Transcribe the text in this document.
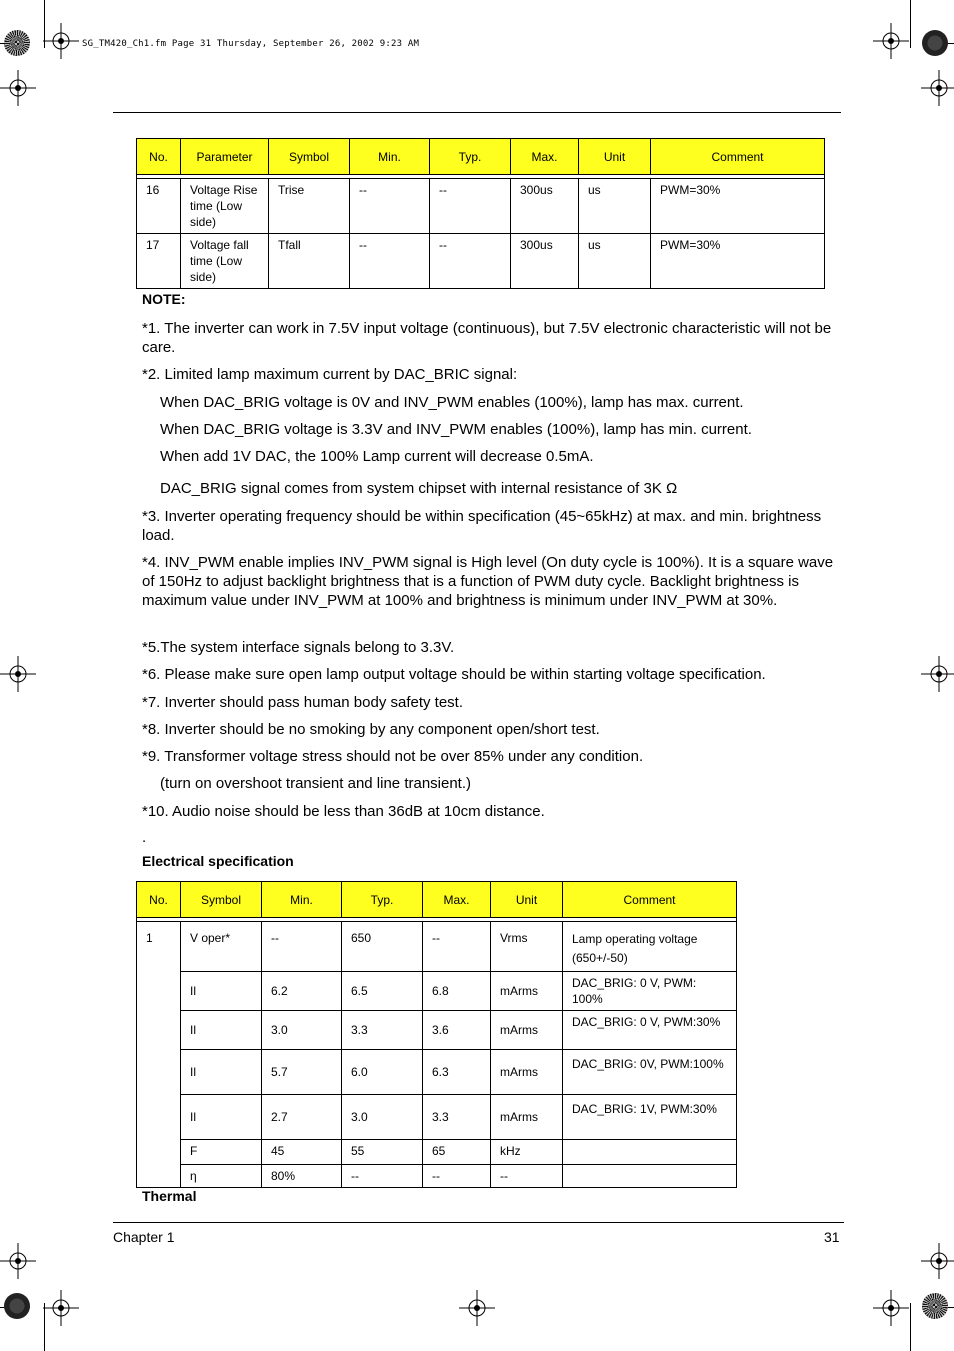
SG_TM420_Ch1.fm Page 31 Thursday, September 26, 2002 9:23 AM
No.	Parameter	Symbol	Min.	Typ.	Max.	Unit	Comment

16	Voltage Rise time (Low side)	Trise	--	--	300us	us	PWM=30%
17	Voltage fall time (Low side)	Tfall	--	--	300us	us	PWM=30%
NOTE:
*1. The inverter can work in 7.5V input voltage (continuous), but 7.5V electronic characteristic will not be care.
*2. Limited lamp maximum current by DAC_BRIC signal:
When DAC_BRIG voltage is 0V and INV_PWM enables (100%), lamp has max. current.
When DAC_BRIG voltage is 3.3V and INV_PWM enables (100%), lamp has min. current.
When add 1V DAC, the 100% Lamp current will decrease 0.5mA.
DAC_BRIG signal comes from system chipset with internal resistance of 3K Ω
*3. Inverter operating frequency should be within specification (45~65kHz) at max. and min. brightness load.
*4. INV_PWM enable implies INV_PWM signal is High level (On duty cycle is 100%). It is a square wave of 150Hz to adjust backlight brightness that is a function of PWM duty cycle. Backlight brightness is maximum value under INV_PWM at 100% and brightness is minimum under INV_PWM at 30%.
*5.The system interface signals belong to 3.3V.
*6. Please make sure open lamp output voltage should be within starting voltage specification.
*7. Inverter should pass human body safety test.
*8. Inverter should be no smoking by any component open/short test.
*9. Transformer voltage stress should not be over 85% under any condition.
(turn on overshoot transient and line transient.)
*10. Audio noise should be less than 36dB at 10cm distance.
.
Electrical specification
No.	Symbol	Min.	Typ.	Max.	Unit	Comment

1	V oper*	--	650	--	Vrms	Lamp operating voltage (650+/-50)
	Il	6.2	6.5	6.8	mArms	DAC_BRIG: 0 V, PWM: 100%
	Il	3.0	3.3	3.6	mArms	DAC_BRIG: 0 V, PWM:30%
	Il	5.7	6.0	6.3	mArms	DAC_BRIG: 0V, PWM:100%
	Il	2.7	3.0	3.3	mArms	DAC_BRIG: 1V, PWM:30%
	F	45	55	65	kHz	
	η	80%	--	--	--	
Thermal
Chapter 1	31
